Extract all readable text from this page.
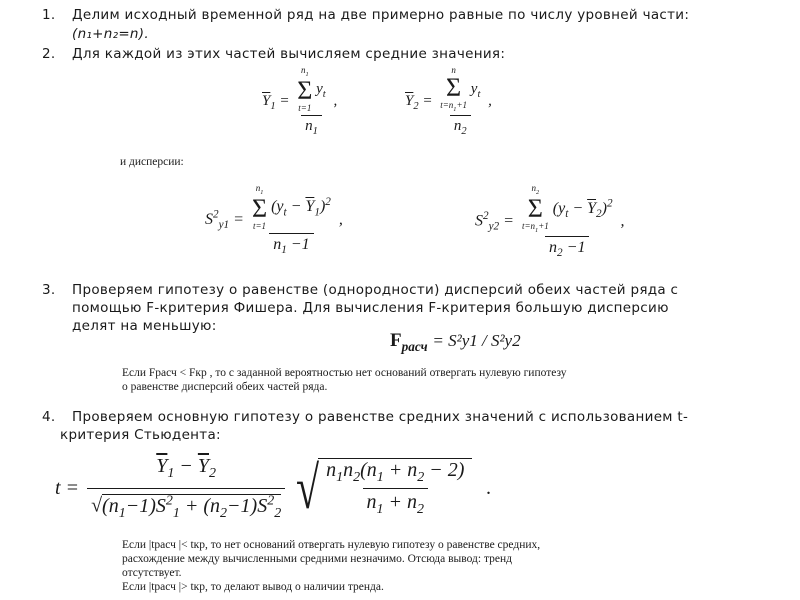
1. Делим исходный временной ряд на две примерно равные по числу уровней части:
(n₁+n₂=n).
2. Для каждой из этих частей вычисляем средние значения:
$\overline{Y}_1 = n_1$
Σ
t=1
$y_t$
$n_1$ ,	$\overline{Y}_2 = n$
Σ
$t=n_1+1$
$y_t$
$n_2$ ,
и дисперсии:
$S^2_{y1} = n_1$
Σ
t=1
$(y_t - \overline{Y}_1)^2$
$n_1 -1$ ,	$S^2_{y2} = n_2$
Σ
$t=n_1+1$
$(y_t - \overline{Y}_2)^2$
$n_2 -1$ ,
3. Проверяем гипотезу о равенстве (однородности) дисперсий обеих частей ряда с
помощью F-критерия Фишера. Для вычисления F-критерия большую дисперсию
делят на меньшую:
$F_{расч} = S^2y1 / S^2y2$
Если Fрасч < Fкр , то с заданной вероятностью нет оснований отвергать нулевую гипотезу
о равенстве дисперсий обеих частей ряда.
4. Проверяем основную гипотезу о равенстве средних значений с использованием t-
критерия Стьюдента:
$t = \frac{\overline{Y}_1 - \overline{Y}_2}{√(n_1-1)S^2_1 + (n_2-1)S^2_2}$ √ $\frac{n_1n_2(n_1 + n_2 - 2)}{n_1 + n_2}$ .
Если |tрасч |< tкр, то нет оснований отвергать нулевую гипотезу о равенстве средних,
расхождение между вычисленными средними незначимо. Отсюда вывод: тренд
отсутствует.
Если |tрасч |> tкр, то делают вывод о наличии тренда.
